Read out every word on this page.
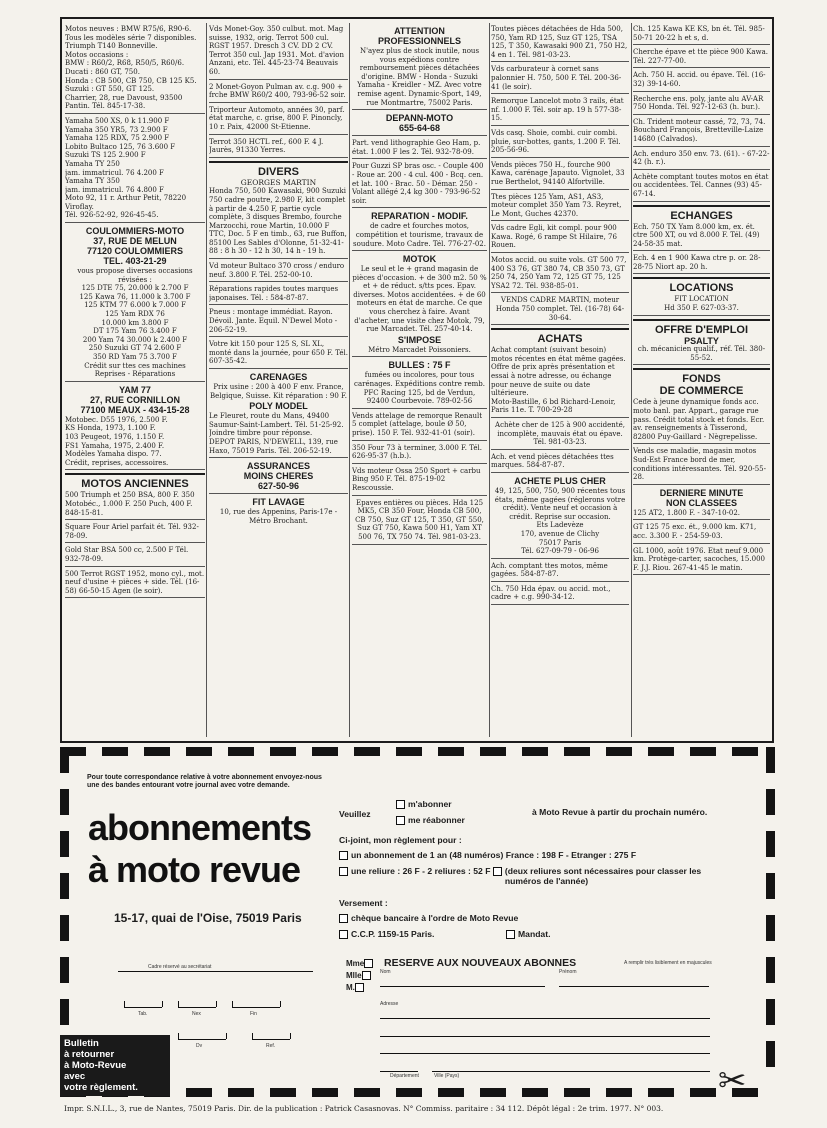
Motos neuves : BMW R75/6, R90-6. Tous les modèles série 7 disponibles.
Triumph T140 Bonneville.
Motos occasions :
BMW : R60/2, R68, R50/5, R60/6.
Ducati : 860 GT, 750.
Honda : CB 500, CB 750, CB 125 K5.
Suzuki : GT 550, GT 125.
Charrier, 28, rue Davoust, 93500 Pantin. Tél. 845-17-38.
Yamaha 500 XS, 0 k 11.900 F
Yamaha 350 YR5, 73 2.900 F
Yamaha 125 RDX, 75 2.900 F
Lobito Bultaco 125, 76 3.600 F
Suzuki TS 125 2.900 F
Yamaha TY 250
jam. immatricul. 76 4.200 F
Yamaha TY 350
jam. immatricul. 76 4.800 F
Moto 92, 11 r. Arthur Petit, 78220 Viroflay.
Tél. 926-52-92, 926-45-45.
COULOMMIERS-MOTO
37, RUE DE MELUN
77120 COULOMMIERS
TEL. 403-21-29
vous propose diverses occasions révisées :
125 DTE 75, 20.000 k 2.700 F
125 Kawa 76, 11.000 k 3.700 F
125 KTM 77 6.000 k 7.000 F
125 Yam RDX 76
10.000 km 3.800 F
DT 175 Yam 76 3.400 F
200 Yam 74 30.000 k 2.400 F
250 Suzuki GT 74 2.600 F
350 RD Yam 75 3.700 F
Crédit sur ttes ces machines
Reprises - Réparations
YAM 77
27, RUE CORNILLON
77100 MEAUX - 434-15-28
Motobec. D55 1976, 2.500 F.
KS Honda, 1973, 1.100 F.
103 Peugeot, 1976, 1.150 F.
FS1 Yamaha, 1975, 2.400 F.
Modèles Yamaha dispo. 77.
Crédit, reprises, accessoires.
MOTOS ANCIENNES
500 Triumph et 250 BSA, 800 F. 350 Motobéc., 1.000 F. 250 Puch, 400 F. 848-15-81.
Square Four Ariel parfait ét. Tél. 932-78-09.
Gold Star BSA 500 cc, 2.500 F Tél. 932-78-09.
500 Terrot RGST 1952, mono cyl., mot. neuf d'usine + pièces + side. Tél. (16-58) 66-50-15 Agen (le soir).
Vds Monet-Goy. 350 culbut. mot. Mag suisse, 1932, orig. Terrot 500 cul. RGST 1957. Dresch 3 CV. DD 2 CV. Terrot 350 cul. Jap 1931. Mot. d'avion Anzani, etc. Tél. 445-23-74 Beauvais 60.
2 Monet-Goyon Pulman av. c.g. 900 + frche BMW R60/2 400, 793-96-52 soir.
Triporteur Automoto, années 30, parf. état marche, c. grise, 800 F. Pinoncly, 10 r. Paix, 42000 St-Etienne.
Terrot 350 HCTL ref., 600 F. 4 J. Jaurès, 91330 Yerres.
DIVERS
GEORGES MARTIN
Honda 750, 500 Kawasaki, 900 Suzuki 750 cadre poutre, 2.980 F, kit complet à partir de 4.250 F, partie cycle complète, 3 disques Brembo, fourche Marzocchi, roue Martin, 10.000 F TTC, Doc. 5 F en timb., 63, rue Buffon, 85100 Les Sables d'Olonne, 51-32-41-88 : 8 h 30 - 12 h 30, 14 h - 19 h.
Vd moteur Bultaco 370 cross / enduro neuf. 3.800 F. Tél. 252-00-10.
Réparations rapides toutes marques japonaises. Tél. : 584-87-87.
Pneus : montage immédiat. Rayon. Dévoil. Jante. Equil. N'Dewel Moto - 206-52-19.
Votre kit 150 pour 125 S, SL XL, monté dans la journée, pour 650 F. Tél. 607-35-42.
CARENAGES
Prix usine : 200 à 400 F env. France, Belgique, Suisse. Kit réparation : 90 F.
POLY MODEL
Le Fleuret, route du Mans, 49400 Saumur-Saint-Lambert. Tél. 51-25-92. Joindre timbre pour réponse.
DEPOT PARIS, N'DEWELL, 139, rue Haxo, 75019 Paris. Tél. 206-52-19.
ASSURANCES
MOINS CHERES
627-50-96
FIT LAVAGE
10, rue des Appenins, Paris-17e - Métro Brochant.
ATTENTION
PROFESSIONNELS
N'ayez plus de stock inutile, nous vous expédions contre remboursement pièces détachées d'origine. BMW - Honda - Suzuki Yamaha - Kreidler - MZ. Avec votre remise agent. Dynamic-Sport, 149, rue Montmartre, 75002 Paris.
DEPANN-MOTO
655-64-68
Part. vend lithographie Geo Ham, p. état. 1.000 F les 2. Tél. 932-78-09.
Pour Guzzi SP bras osc. - Couple 400 - Roue ar. 200 - 4 cul. 400 - Bcq. cen. et lat. 100 - Brac. 50 - Démar. 250 - Volant allégé 2,4 kg 300 - 793-96-52 soir.
REPARATION - MODIF.
de cadre et fourches motos, compétition et tourisme, travaux de soudure. Moto Cadre. Tél. 776-27-02.
MOTOK
Le seul et le + grand magasin de pièces d'occasion. + de 300 m2. 50 % et + de réduct. s/tts pces. Epav. diverses. Motos accidentées. + de 60 moteurs en état de marche. Ce que vous cherchez à faire. Avant d'acheter, une visite chez Motok, 79, rue Marcadet. Tél. 257-40-14.
S'IMPOSE
Métro Marcadet Poissoniers.
BULLES : 75 F
fumées ou incolores, pour tous carénages. Expéditions contre remb. PFC Racing 125, bd de Verdun, 92400 Courbevoie. 789-02-56
Vends attelage de remorque Renault 5 complet (attelage, boule Ø 50, prise). 150 F. Tél. 932-41-01 (soir).
350 Four 73 à terminer, 3.000 F. Tél. 626-95-37 (h.b.).
Vds moteur Ossa 250 Sport + carbu Bing 950 F. Tél. 875-19-02 Rescoussie.
Epaves entières ou pièces. Hda 125 MK5, CB 350 Four, Honda CB 500, CB 750, Suz GT 125, T 350, GT 550, Suz GT 750, Kawa 500 H1, Yam XT 500 76, TX 750 74. Tél. 981-03-23.
Toutes pièces détachées de Hda 500, 750, Yam RD 125, Suz GT 125, TSA 125, T 350, Kawasaki 900 Z1, 750 H2, 4 en 1. Tél. 981-03-23.
Vds carburateur à cornet sans palonnier H. 750, 500 F. Tél. 200-36-41 (le soir).
Remorque Lancelot moto 3 rails, état nf. 1.000 F. Tél. soir ap. 19 h 577-38-15.
Vds casq. Shoie, combi. cuir combi. pluie, sur-bottes, gants, 1.200 F. Tél. 205-56-96.
Vends pièces 750 H., fourche 900 Kawa, carénage Japauto. Vignolet, 33 rue Berthelot, 94140 Alfortville.
Ttes pièces 125 Yam, AS1, AS3, moteur complet 350 Yam 73. Reyret, Le Mont, Guches 42370.
Vds cadre Egli, kit compl. pour 900 Kawa. Rogé, 6 rampe St Hilaire, 76 Rouen.
Motos accid. ou suite vols. GT 500 77, 400 S3 76, GT 380 74, CB 350 73, GT 250 74, 250 Yam 72, 125 GT 75, 125 YSA2 72. Tél. 938-85-01.
VENDS CADRE MARTIN, moteur Honda 750 complet. Tél. (16-78) 64-30-64.
ACHATS
Achat comptant (suivant besoin) motos récentes en état même gagées. Offre de prix après présentation et essai à notre adresse, ou échange pour neuve de suite ou date ultérieure.
Moto-Bastille, 6 bd Richard-Lenoir, Paris 11e. T. 700-29-28
Achète cher de 125 à 900 accidenté, incomplète, mauvais état ou épave. Tél. 981-03-23.
Ach. et vend pièces détachées ttes marques. 584-87-87.
ACHETE PLUS CHER
49, 125, 500, 750, 900 récentes tous états, même gagées (réglerons votre crédit). Vente neuf et occasion à crédit. Reprise sur occasion.
Ets Ladevèze
170, avenue de Clichy
75017 Paris
Tél. 627-09-79 - 06-96
Ach. comptant ttes motos, même gagées. 584-87-87.
Ch. 750 Hda épav. ou accid. mot., cadre + c.g. 990-34-12.
Ch. 125 Kawa KE KS, bn ét. Tél. 985-50-71 20-22 h et s, d.
Cherche épave et tte pièce 900 Kawa. Tél. 227-77-00.
Ach. 750 H. accid. ou épave. Tél. (16-32) 39-14-60.
Recherche ens. poly, jante alu AV-AR 750 Honda. Tél. 927-12-63 (h. bur.).
Ch. Trident moteur cassé, 72, 73, 74. Bouchard François, Bretteville-Laize 14680 (Calvados).
Ach. enduro 350 env. 73. (61). - 67-22-42 (h. r.).
Achète comptant toutes motos en état ou accidentées. Tél. Cannes (93) 45-67-14.
ECHANGES
Ech. 750 TX Yam 8.000 km, ex. ét. ctre 500 XT, ou vd 8.000 F. Tél. (49) 24-58-35 mat.
Ech. 4 en 1 900 Kawa ctre p. or. 28-28-75 Niort ap. 20 h.
LOCATIONS
FIT LOCATION
Hd 350 F. 627-03-37.
OFFRE D'EMPLOI
PSALTY
ch. mécanicien qualif., réf. Tél. 380-55-52.
FONDS
DE COMMERCE
Cede à jeune dynamique fonds acc. moto banl. par. Appart., garage rue pass. Crédit total stock et fonds. Ecr. av. renseignements à Tisserond, 82800 Puy-Gaillard - Nègrepelisse.
Vends cse maladie, magasin motos Sud-Est France bord de mer, conditions intéressantes. Tél. 920-55-28.
DERNIERE MINUTE
NON CLASSEES
125 AT2, 1.800 F. - 347-10-02.
GT 125 75 exc. ét., 9.000 km. K71, acc. 3.300 F. - 254-59-03.
GL 1000, août 1976. Etat neuf 9.000 km. Protège-carter, sacoches, 15.000 F. J.J. Riou. 267-41-45 le matin.
Pour toute correspondance relative à votre abonnement envoyez-nous une des bandes entourant votre journal avec votre demande.
abonnements
à moto revue
15-17, quai de l'Oise, 75019 Paris
Veuillez
m'abonner
me réabonner
à Moto Revue à partir du prochain numéro.
Ci-joint, mon règlement pour :
un abonnement de 1 an (48 numéros) France : 198 F - Etranger : 275 F
une reliure : 26 F - 2 reliures : 52 F (deux reliures sont nécessaires pour classer les numéros de l'année)
Versement :
chèque bancaire à l'ordre de Moto Revue
C.C.P. 1159-15 Paris.	Mandat.
Cadre réservé au secrétariat
Tab.	Nex	Fin
Dv	Ref.
Mme
Mlle
M.
RESERVE AUX NOUVEAUX ABONNES	A remplir très lisiblement en majuscules
Nom	Prénom
Adresse
Département	Ville (Pays)
Bulletin
à retourner
à Moto-Revue
avec
votre règlement.	✂
Impr. S.N.I.L., 3, rue de Nantes, 75019 Paris. Dir. de la publication : Patrick Casasnovas. N° Commiss. paritaire : 34 112. Dépôt légal : 2e trim. 1977. N° 003.
